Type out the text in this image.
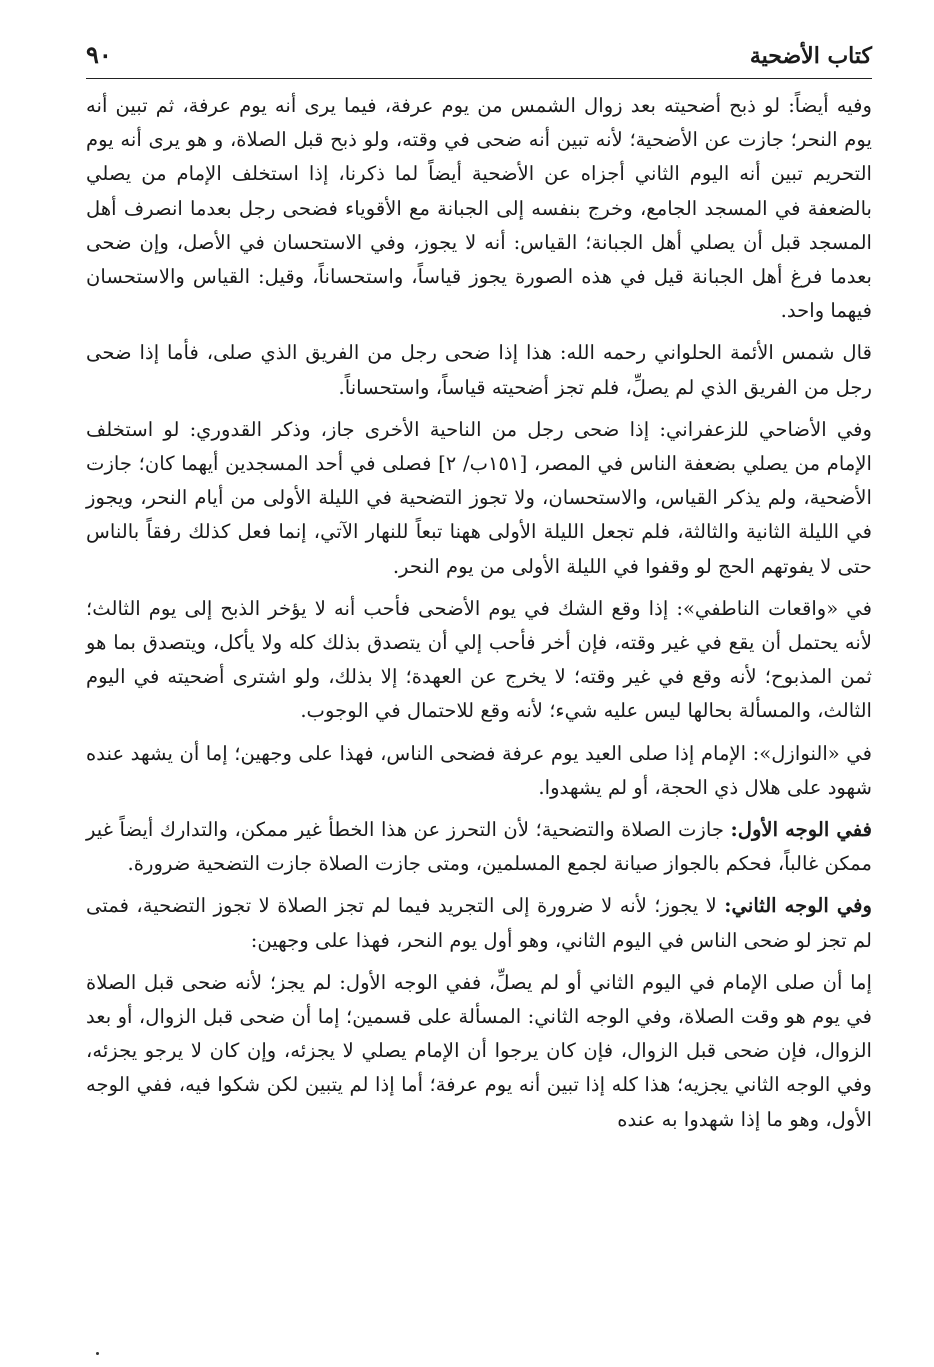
كتاب الأضحية
٩٠

وفيه أيضاً: لو ذبح أضحيته بعد زوال الشمس من يوم عرفة، فيما يرى أنه يوم عرفة، ثم تبين أنه يوم النحر؛ جازت عن الأضحية؛ لأنه تبين أنه ضحى في وقته، ولو ذبح قبل الصلاة، و هو يرى أنه يوم التحريم تبين أنه اليوم الثاني أجزاه عن الأضحية أيضاً لما ذكرنا، إذا استخلف الإمام من يصلي بالضعفة في المسجد الجامع، وخرج بنفسه إلى الجبانة مع الأقوياء فضحى رجل بعدما انصرف أهل المسجد قبل أن يصلي أهل الجبانة؛ القياس: أنه لا يجوز، وفي الاستحسان في الأصل، وإن ضحى بعدما فرغ أهل الجبانة قيل في هذه الصورة يجوز قياساً، واستحساناً، وقيل: القياس والاستحسان فيهما واحد.

قال شمس الأئمة الحلواني رحمه الله: هذا إذا ضحى رجل من الفريق الذي صلى، فأما إذا ضحى رجل من الفريق الذي لم يصلِّ، فلم تجز أضحيته قياساً، واستحساناً.

وفي الأضاحي للزعفراني: إذا ضحى رجل من الناحية الأخرى جاز، وذكر القدوري: لو استخلف الإمام من يصلي بضعفة الناس في المصر، [١٥١ب/ ٢] فصلى في أحد المسجدين أيهما كان؛ جازت الأضحية، ولم يذكر القياس، والاستحسان، ولا تجوز التضحية في الليلة الأولى من أيام النحر، ويجوز في الليلة الثانية والثالثة، فلم تجعل الليلة الأولى ههنا تبعاً للنهار الآتي، إنما فعل كذلك رفقاً بالناس حتى لا يفوتهم الحج لو وقفوا في الليلة الأولى من يوم النحر.

في «واقعات الناطفي»: إذا وقع الشك في يوم الأضحى فأحب أنه لا يؤخر الذبح إلى يوم الثالث؛ لأنه يحتمل أن يقع في غير وقته، فإن أخر فأحب إلي أن يتصدق بذلك كله ولا يأكل، ويتصدق بما هو ثمن المذبوح؛ لأنه وقع في غير وقته؛ لا يخرج عن العهدة؛ إلا بذلك، ولو اشترى أضحيته في اليوم الثالث، والمسألة بحالها ليس عليه شيء؛ لأنه وقع للاحتمال في الوجوب.

في «النوازل»: الإمام إذا صلى العيد يوم عرفة فضحى الناس، فهذا على وجهين؛ إما أن يشهد عنده شهود على هلال ذي الحجة، أو لم يشهدوا.

ففي الوجه الأول: جازت الصلاة والتضحية؛ لأن التحرز عن هذا الخطأ غير ممكن، والتدارك أيضاً غير ممكن غالباً، فحكم بالجواز صيانة لجمع المسلمين، ومتى جازت الصلاة جازت التضحية ضرورة.

وفي الوجه الثاني: لا يجوز؛ لأنه لا ضرورة إلى التجريد فيما لم تجز الصلاة لا تجوز التضحية، فمتى لم تجز لو ضحى الناس في اليوم الثاني، وهو أول يوم النحر، فهذا على وجهين:

إما أن صلى الإمام في اليوم الثاني أو لم يصلِّ، ففي الوجه الأول: لم يجز؛ لأنه ضحى قبل الصلاة في يوم هو وقت الصلاة، وفي الوجه الثاني: المسألة على قسمين؛ إما أن ضحى قبل الزوال، أو بعد الزوال، فإن ضحى قبل الزوال، فإن كان يرجوا أن الإمام يصلي لا يجزئه، وإن كان لا يرجو يجزئه، وفي الوجه الثاني يجزيه؛ هذا كله إذا تبين أنه يوم عرفة؛ أما إذا لم يتبين لكن شكوا فيه، ففي الوجه الأول، وهو ما إذا شهدوا به عنده
